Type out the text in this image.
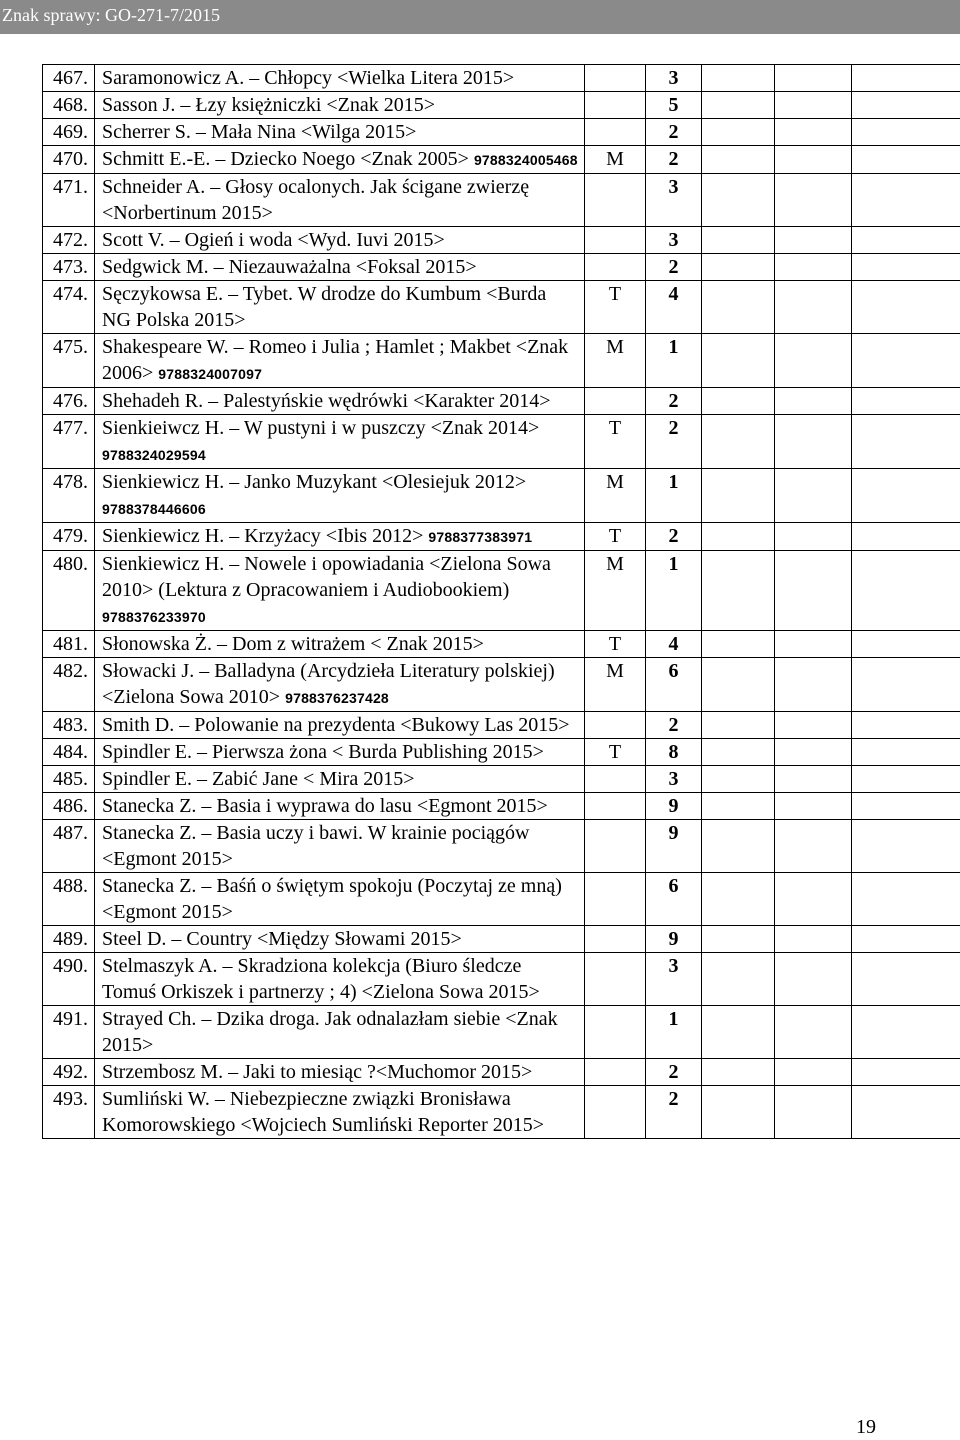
Znak sprawy: GO-271-7/2015
467.	Saramonowicz A. – Chłopcy <Wielka Litera 2015>		3			
468.	Sasson J. – Łzy księżniczki <Znak 2015>		5			
469.	Scherrer S. – Mała Nina <Wilga 2015>		2			
470.	Schmitt E.-E. – Dziecko Noego <Znak 2005> 9788324005468	M	2			
471.	Schneider A. – Głosy ocalonych. Jak ścigane zwierzę <Norbertinum 2015>		3			
472.	Scott V. – Ogień i woda <Wyd. Iuvi 2015>		3			
473.	Sedgwick M. – Niezauważalna <Foksal 2015>		2			
474.	Sęczykowsa E. – Tybet. W drodze do Kumbum <Burda NG Polska 2015>	T	4			
475.	Shakespeare W. – Romeo i Julia ; Hamlet ; Makbet <Znak 2006> 9788324007097	M	1			
476.	Shehadeh R. – Palestyńskie wędrówki <Karakter 2014>		2			
477.	Sienkieiwcz H. – W pustyni i w puszczy <Znak 2014> 9788324029594	T	2			
478.	Sienkiewicz H. – Janko Muzykant <Olesiejuk 2012> 9788378446606	M	1			
479.	Sienkiewicz H. – Krzyżacy <Ibis 2012> 9788377383971	T	2			
480.	Sienkiewicz H. – Nowele i opowiadania <Zielona Sowa 2010> (Lektura z Opracowaniem i Audiobookiem) 9788376233970	M	1			
481.	Słonowska Ż. – Dom z witrażem < Znak 2015>	T	4			
482.	Słowacki J. – Balladyna (Arcydzieła Literatury polskiej) <Zielona Sowa 2010> 9788376237428	M	6			
483.	Smith D. – Polowanie na prezydenta <Bukowy Las 2015>		2			
484.	Spindler E. – Pierwsza żona < Burda Publishing 2015>	T	8			
485.	Spindler E. – Zabić Jane < Mira 2015>		3			
486.	Stanecka Z. – Basia i wyprawa do lasu <Egmont 2015>		9			
487.	Stanecka Z. – Basia uczy i bawi. W krainie pociągów <Egmont 2015>		9			
488.	Stanecka Z. – Baśń o świętym spokoju (Poczytaj ze mną) <Egmont 2015>		6			
489.	Steel D. – Country <Między Słowami 2015>		9			
490.	Stelmaszyk A. – Skradziona kolekcja (Biuro śledcze Tomuś Orkiszek i partnerzy ; 4) <Zielona Sowa 2015>		3			
491.	Strayed Ch. – Dzika droga. Jak odnalazłam siebie <Znak 2015>		1			
492.	Strzembosz M. – Jaki to miesiąc ?<Muchomor 2015>		2			
493.	Sumliński W. – Niebezpieczne związki Bronisława Komorowskiego <Wojciech Sumliński Reporter 2015>		2			
19
